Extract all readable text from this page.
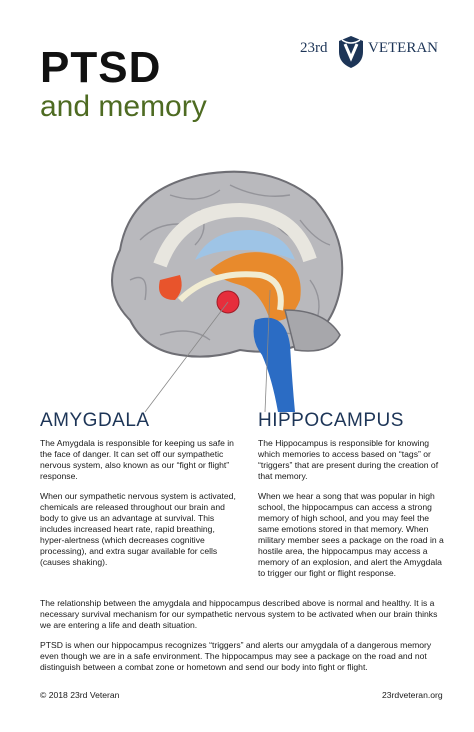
PTSD
and memory
23rd	VETERAN
AMYGDALA	HIPPOCAMPUS

The Amygdala is responsible for keeping us safe in the face of danger. It can set off our sympathetic nervous system, also known as our “fight or flight” response.

When our sympathetic nervous system is activated, chemicals are released throughout our brain and body to give us an advantage at survival. This includes increased heart rate, rapid breathing, hyper-alertness (which decreases cognitive processing), and extra sugar available for cells (causes shaking).

The Hippocampus is responsible for knowing which memories to access based on “tags” or “triggers” that are present during the creation of that memory.

When we hear a song that was popular in high school, the hippocampus can access a strong memory of high school, and you may feel the same emotions stored in that memory. When military member sees a package on the road in a hostile area, the hippocampus may access a memory of an explosion, and alert the Amygdala to trigger our fight or flight response.

The relationship between the amygdala and hippocampus described above is normal and healthy. It is a necessary survival mechanism for our sympathetic nervous system to be activated when our brain thinks we are entering a life and death situation.

PTSD is when our hippocampus recognizes “triggers” and alerts our amygdala of a dangerous memory even though we are in a safe environment. The hippocampus may see a package on the road and not distinguish between a combat zone or hometown and send our body into fight or flight.

© 2018 23rd Veteran	23rdveteran.org
